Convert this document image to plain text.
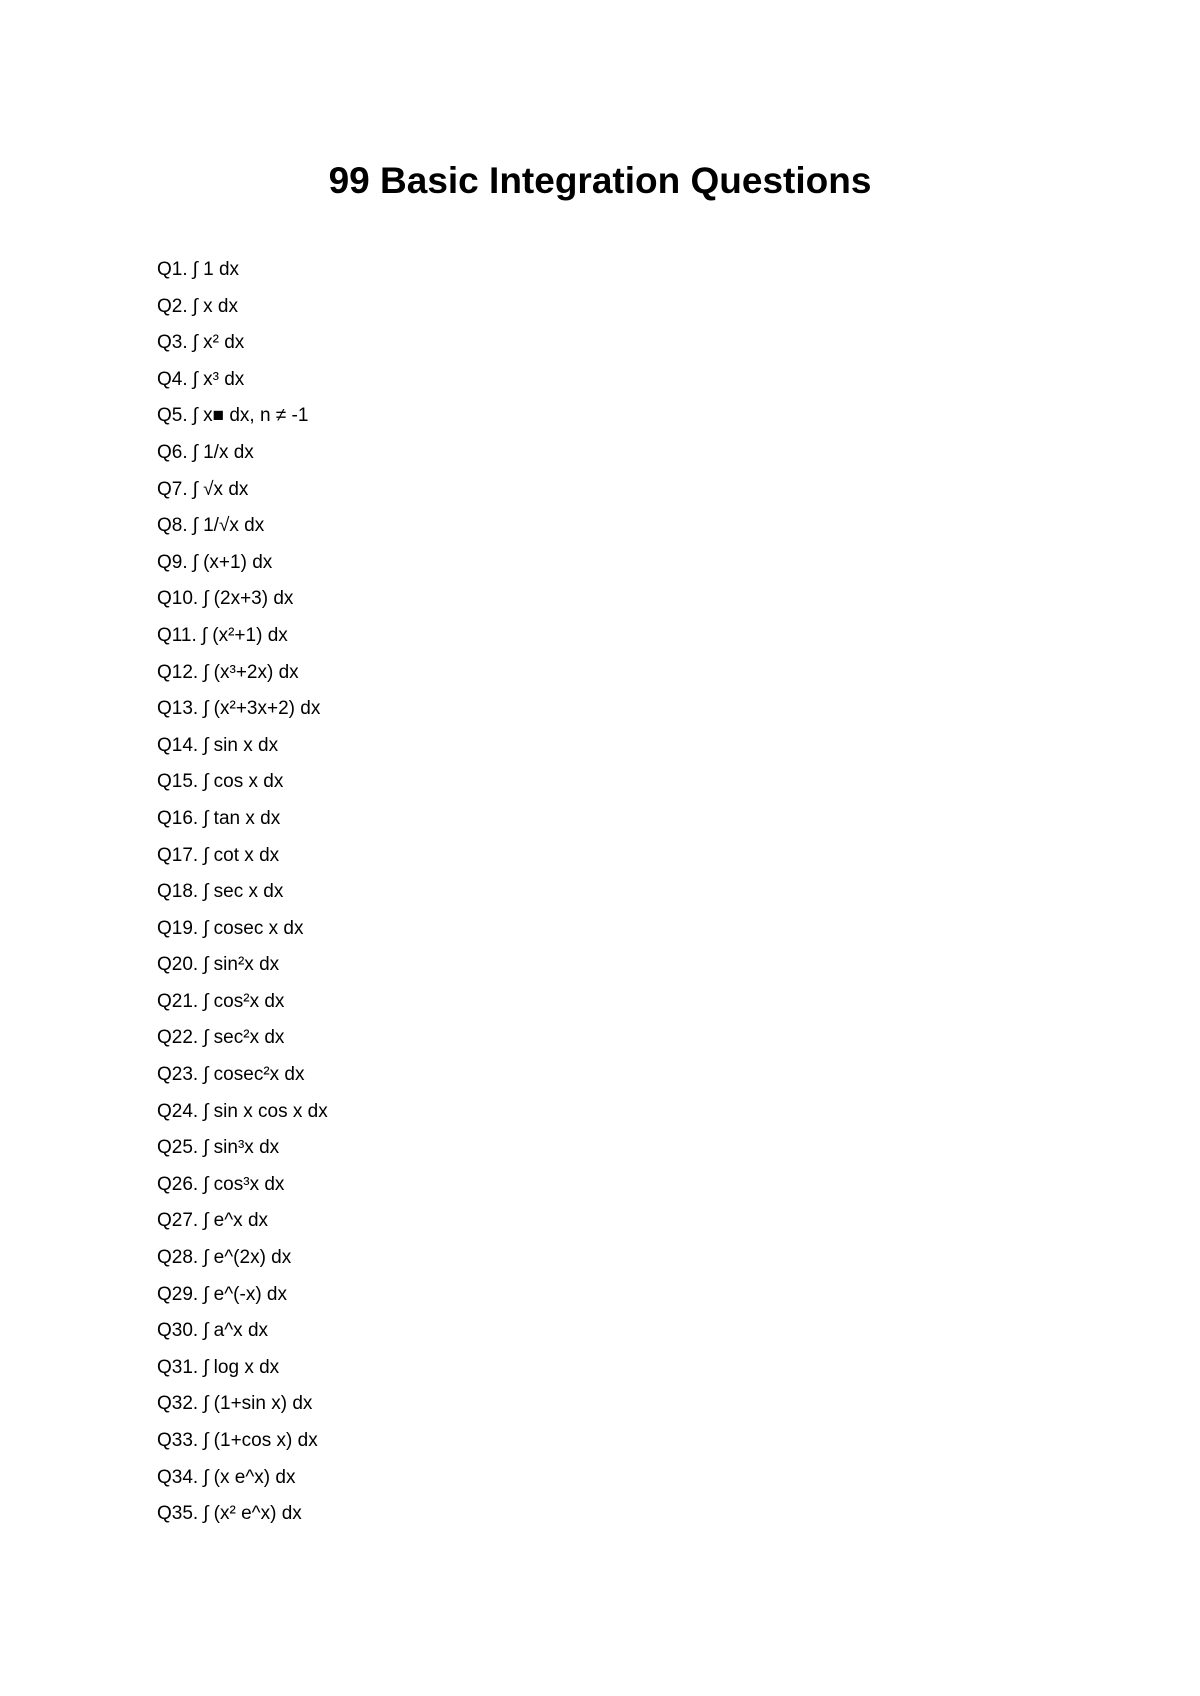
99 Basic Integration Questions
Q1. ∫ 1 dx
Q2. ∫ x dx
Q3. ∫ x² dx
Q4. ∫ x³ dx
Q5. ∫ x■ dx, n ≠ -1
Q6. ∫ 1/x dx
Q7. ∫ √x dx
Q8. ∫ 1/√x dx
Q9. ∫ (x+1) dx
Q10. ∫ (2x+3) dx
Q11. ∫ (x²+1) dx
Q12. ∫ (x³+2x) dx
Q13. ∫ (x²+3x+2) dx
Q14. ∫ sin x dx
Q15. ∫ cos x dx
Q16. ∫ tan x dx
Q17. ∫ cot x dx
Q18. ∫ sec x dx
Q19. ∫ cosec x dx
Q20. ∫ sin²x dx
Q21. ∫ cos²x dx
Q22. ∫ sec²x dx
Q23. ∫ cosec²x dx
Q24. ∫ sin x cos x dx
Q25. ∫ sin³x dx
Q26. ∫ cos³x dx
Q27. ∫ e^x dx
Q28. ∫ e^(2x) dx
Q29. ∫ e^(-x) dx
Q30. ∫ a^x dx
Q31. ∫ log x dx
Q32. ∫ (1+sin x) dx
Q33. ∫ (1+cos x) dx
Q34. ∫ (x e^x) dx
Q35. ∫ (x² e^x) dx
